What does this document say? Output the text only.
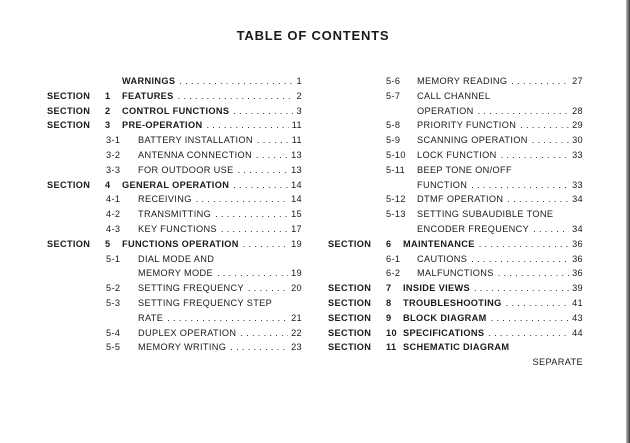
TABLE OF CONTENTS
WARNINGS . . .	1
SECTION 1 FEATURES . . .	2
SECTION 2 CONTROL FUNCTIONS . . .	3
SECTION 3 PRE-OPERATION . . .	11
3-1 BATTERY INSTALLATION . . .	11
3-2 ANTENNA CONNECTION . . .	13
3-3 FOR OUTDOOR USE . . .	13
SECTION 4 GENERAL OPERATION . . .	14
4-1 RECEIVING . . .	14
4-2 TRANSMITTING . . .	15
4-3 KEY FUNCTIONS . . .	17
SECTION 5 FUNCTIONS OPERATION . . .	19
5-1 DIAL MODE AND
MEMORY MODE . . .	19
5-2 SETTING FREQUENCY . . .	20
5-3 SETTING FREQUENCY STEP
RATE . . .	21
5-4 DUPLEX OPERATION . . .	22
5-5 MEMORY WRITING . . .	23
5-6 MEMORY READING . . .	27
5-7 CALL CHANNEL
OPERATION . . .	28
5-8 PRIORITY FUNCTION . . .	29
5-9 SCANNING OPERATION . . .	30
5-10 LOCK FUNCTION . . .	33
5-11 BEEP TONE ON/OFF
FUNCTION . . .	33
5-12 DTMF OPERATION . . .	34
5-13 SETTING SUBAUDIBLE TONE
ENCODER FREQUENCY . . .	34
SECTION 6 MAINTENANCE . . .	36
6-1 CAUTIONS . . .	36
6-2 MALFUNCTIONS . . .	36
SECTION 7 INSIDE VIEWS . . .	39
SECTION 8 TROUBLESHOOTING . . .	41
SECTION 9 BLOCK DIAGRAM . . .	43
SECTION 10 SPECIFICATIONS . . .	44
SECTION 11 SCHEMATIC DIAGRAM
SEPARATE
